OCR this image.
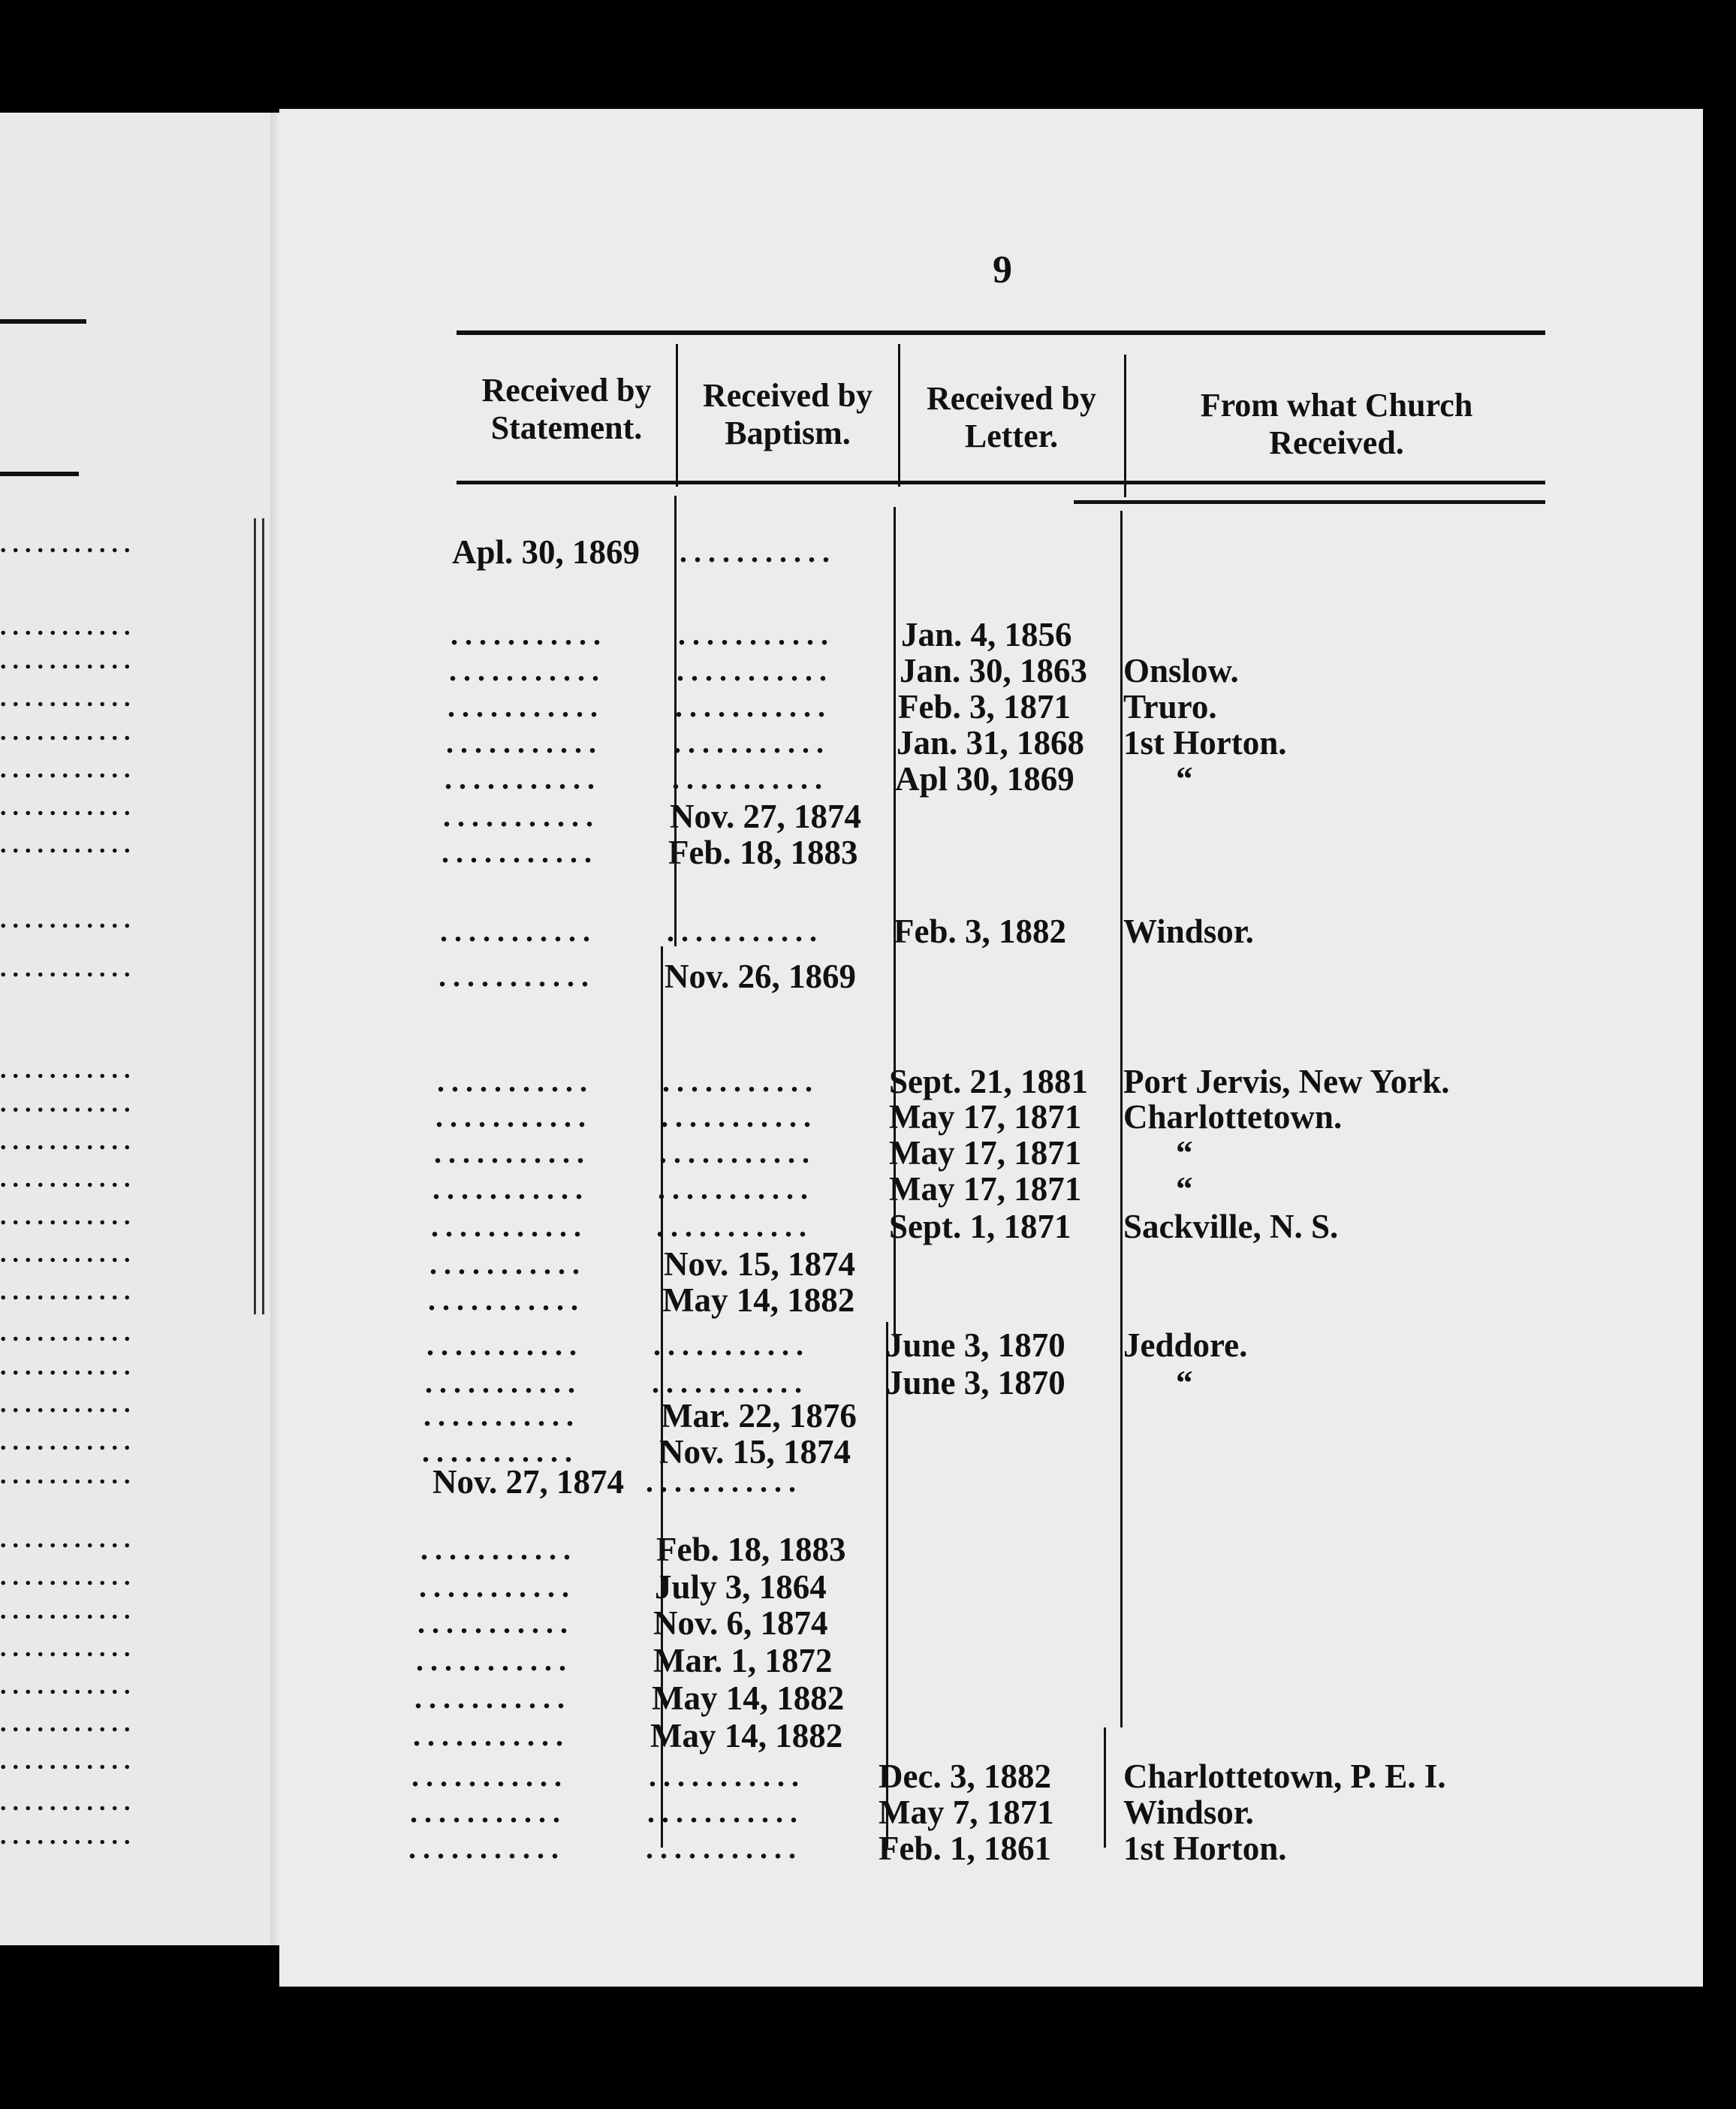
...........
...........
...........
...........
...........
...........
...........
...........
...........
...........
...........
...........
...........
...........
...........
...........
...........
...........
...........
...........
...........
...........
...........
...........
...........
...........
...........
...........
...........
...........
...........
9
Received by Statement.
Received by Baptism.
Received by Letter.
From what Church Received.
Apl. 30, 1869 ...........
...........	...........	Jan. 4, 1856
...........	...........	Jan. 30, 1863 Onslow.
...........	...........	Feb. 3, 1871 Truro.
...........	...........	Jan. 31, 1868 1st Horton.
...........	...........	Apl 30, 1869	“
...........	Nov. 27, 1874
...........	Feb. 18, 1883
...........	...........	Feb. 3, 1882 Windsor.
...........	Nov. 26, 1869
...........	...........	Sept. 21, 1881 Port Jervis, New York.
...........	...........	May 17, 1871 Charlottetown.
...........	...........	May 17, 1871	“
...........	...........	May 17, 1871	“
...........	...........	Sept. 1, 1871 Sackville, N. S.
...........	Nov. 15, 1874
...........	May 14, 1882
...........	...........	June 3, 1870 Jeddore.
...........	...........	June 3, 1870	“
...........	Mar. 22, 1876
...........	Nov. 15, 1874
Nov. 27, 1874 ...........
...........	Feb. 18, 1883
...........	July 3, 1864
...........	Nov. 6, 1874
...........	Mar. 1, 1872
...........	May 14, 1882
...........	May 14, 1882
...........	...........	Dec. 3, 1882 Charlottetown, P. E. I.
...........	...........	May 7, 1871 Windsor.
...........	...........	Feb. 1, 1861 1st Horton.
